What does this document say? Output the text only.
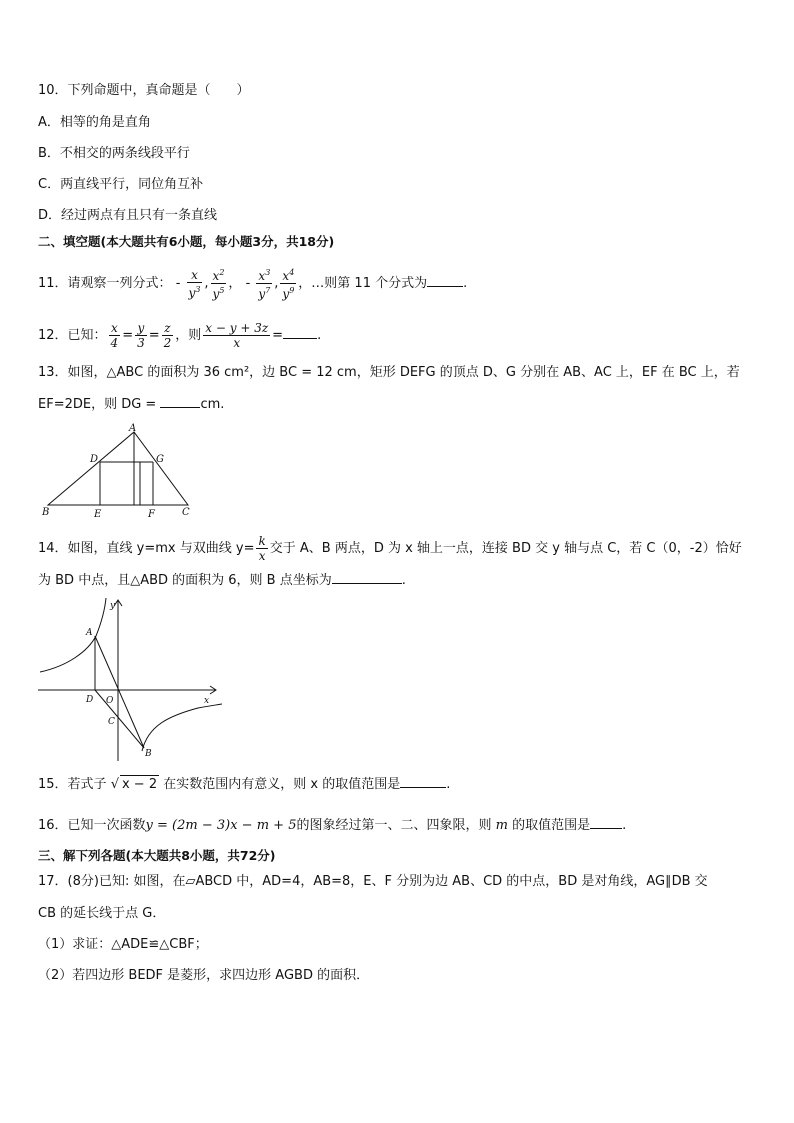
10．下列命题中，真命题是（　　）
A．相等的角是直角
B．不相交的两条线段平行
C．两直线平行，同位角互补
D．经过两点有且只有一条直线
二、填空题(本大题共有6小题，每小题3分，共18分)
11．请观察一列分式： - $\frac{x}{y^3}$ , $\frac{x^2}{y^5}$ ， - $\frac{x^3}{y^7}$ , $\frac{x^4}{y^9}$ ，…则第 11 个分式为	.
12．已知： $\frac{x}{4} = \frac{y}{3} = \frac{z}{2}$ ，则 $\frac{x - y + 3z}{x}$ =	.
13．如图，△ABC 的面积为 36 cm²，边 BC = 12 cm，矩形 DEFG 的顶点 D、G 分别在 AB、AC 上，EF 在 BC 上，若
EF=2DE，则 DG =	cm.
A
B	C
D
E	F
G
14．如图，直线 y=mx 与双曲线 $y= \frac{k}{x}$ 交于 A、B 两点，D 为 x 轴上一点，连接 BD 交 y 轴与点 C，若 C（0，-2）恰好
为 BD 中点，且△ABD 的面积为 6，则 B 点坐标为	.
A
B
C
D O	x
y
15．若式子 √ x − 2 在实数范围内有意义，则 x 的取值范围是	.
16．已知一次函数y = (2m − 3)x − m + 5的图象经过第一、二、四象限，则 m 的取值范围是 .
三、解下列各题(本大题共8小题，共72分)
17．(8分)已知: 如图，在▱ABCD 中，AD=4，AB=8，E、F 分别为边 AB、CD 的中点，BD 是对角线，AG∥DB 交
CB 的延长线于点 G．
（1）求证：△ADE≌△CBF；
（2）若四边形 BEDF 是菱形，求四边形 AGBD 的面积．
